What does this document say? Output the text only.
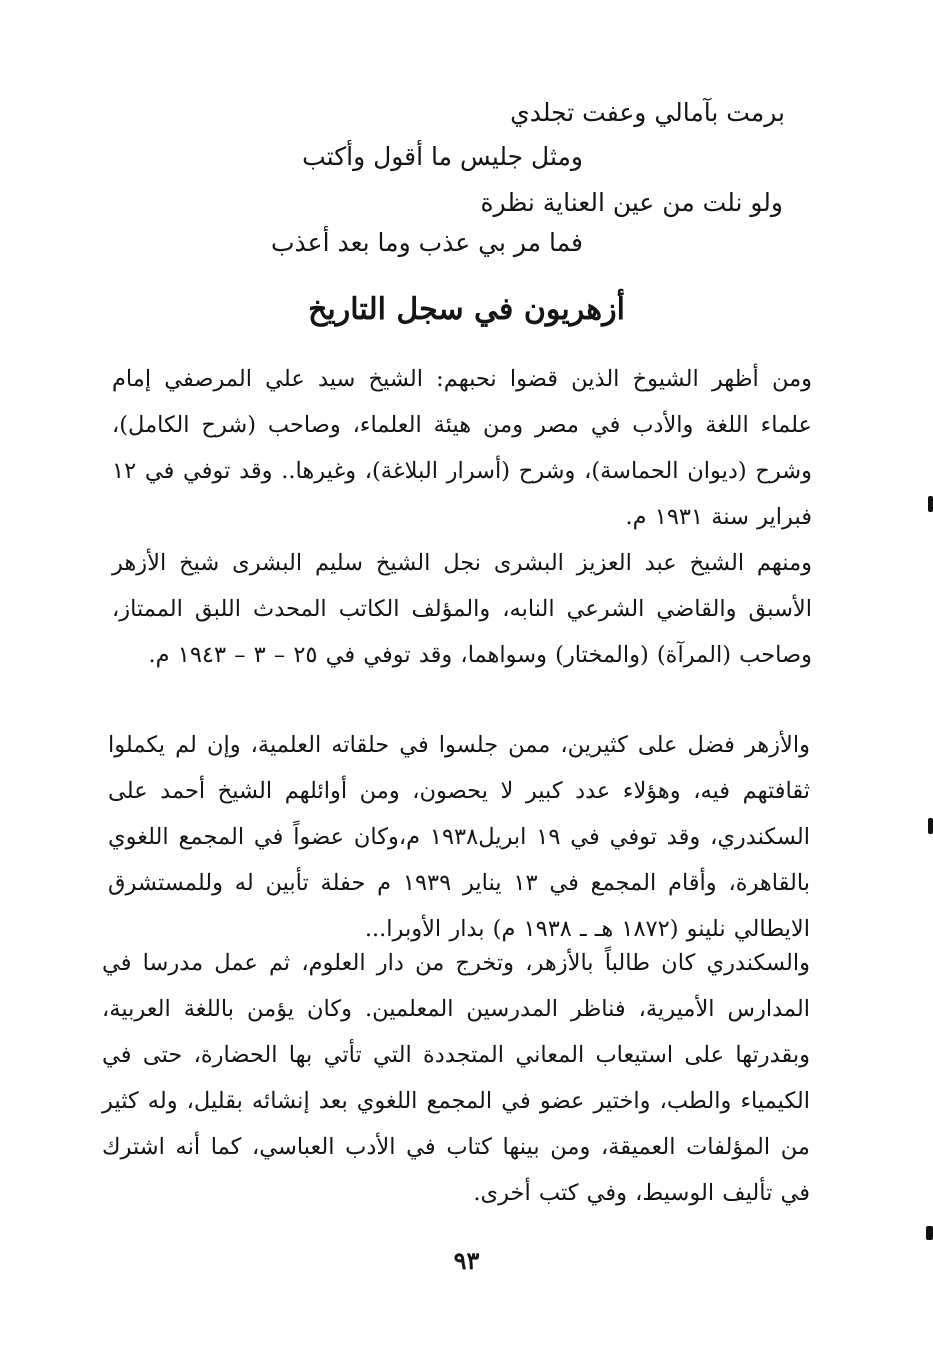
برمت بآمالي وعفت تجلدي
ومثل جليس ما أقول وأكتب
ولو نلت من عين العناية نظرة
فما مر بي عذب وما بعد أعذب
أزهريون في سجل التاريخ
ومن أظهر الشيوخ الذين قضوا نحبهم: الشيخ سيد علي المرصفي إمام علماء اللغة والأدب في مصر ومن هيئة العلماء، وصاحب (شرح الكامل)، وشرح (ديوان الحماسة)، وشرح (أسرار البلاغة)، وغيرها.. وقد توفي في ١٢ فبراير سنة ١٩٣١ م.
ومنهم الشيخ عبد العزيز البشرى نجل الشيخ سليم البشرى شيخ الأزهر الأسبق والقاضي الشرعي النابه، والمؤلف الكاتب المحدث اللبق الممتاز، وصاحب (المرآة) (والمختار) وسواهما، وقد توفي في ٢٥ – ٣ – ١٩٤٣ م.
والأزهر فضل على كثيرين، ممن جلسوا في حلقاته العلمية، وإن لم يكملوا ثقافتهم فيه، وهؤلاء عدد كبير لا يحصون، ومن أوائلهم الشيخ أحمد على السكندري، وقد توفي في ١٩ ابريل١٩٣٨ م،وكان عضواً في المجمع اللغوي بالقاهرة، وأقام المجمع في ١٣ يناير ١٩٣٩ م حفلة تأبين له وللمستشرق الايطالي نلينو (١٨٧٢ هـ ـ ١٩٣٨ م) بدار الأوبرا...
والسكندري كان طالباً بالأزهر، وتخرج من دار العلوم، ثم عمل مدرسا في المدارس الأميرية، فناظر المدرسين المعلمين. وكان يؤمن باللغة العربية، وبقدرتها على استيعاب المعاني المتجددة التي تأتي بها الحضارة، حتى في الكيمياء والطب، واختير عضو في المجمع اللغوي بعد إنشائه بقليل، وله كثير من المؤلفات العميقة، ومن بينها كتاب في الأدب العباسي، كما أنه اشترك في تأليف الوسيط، وفي كتب أخرى.
٩٣
